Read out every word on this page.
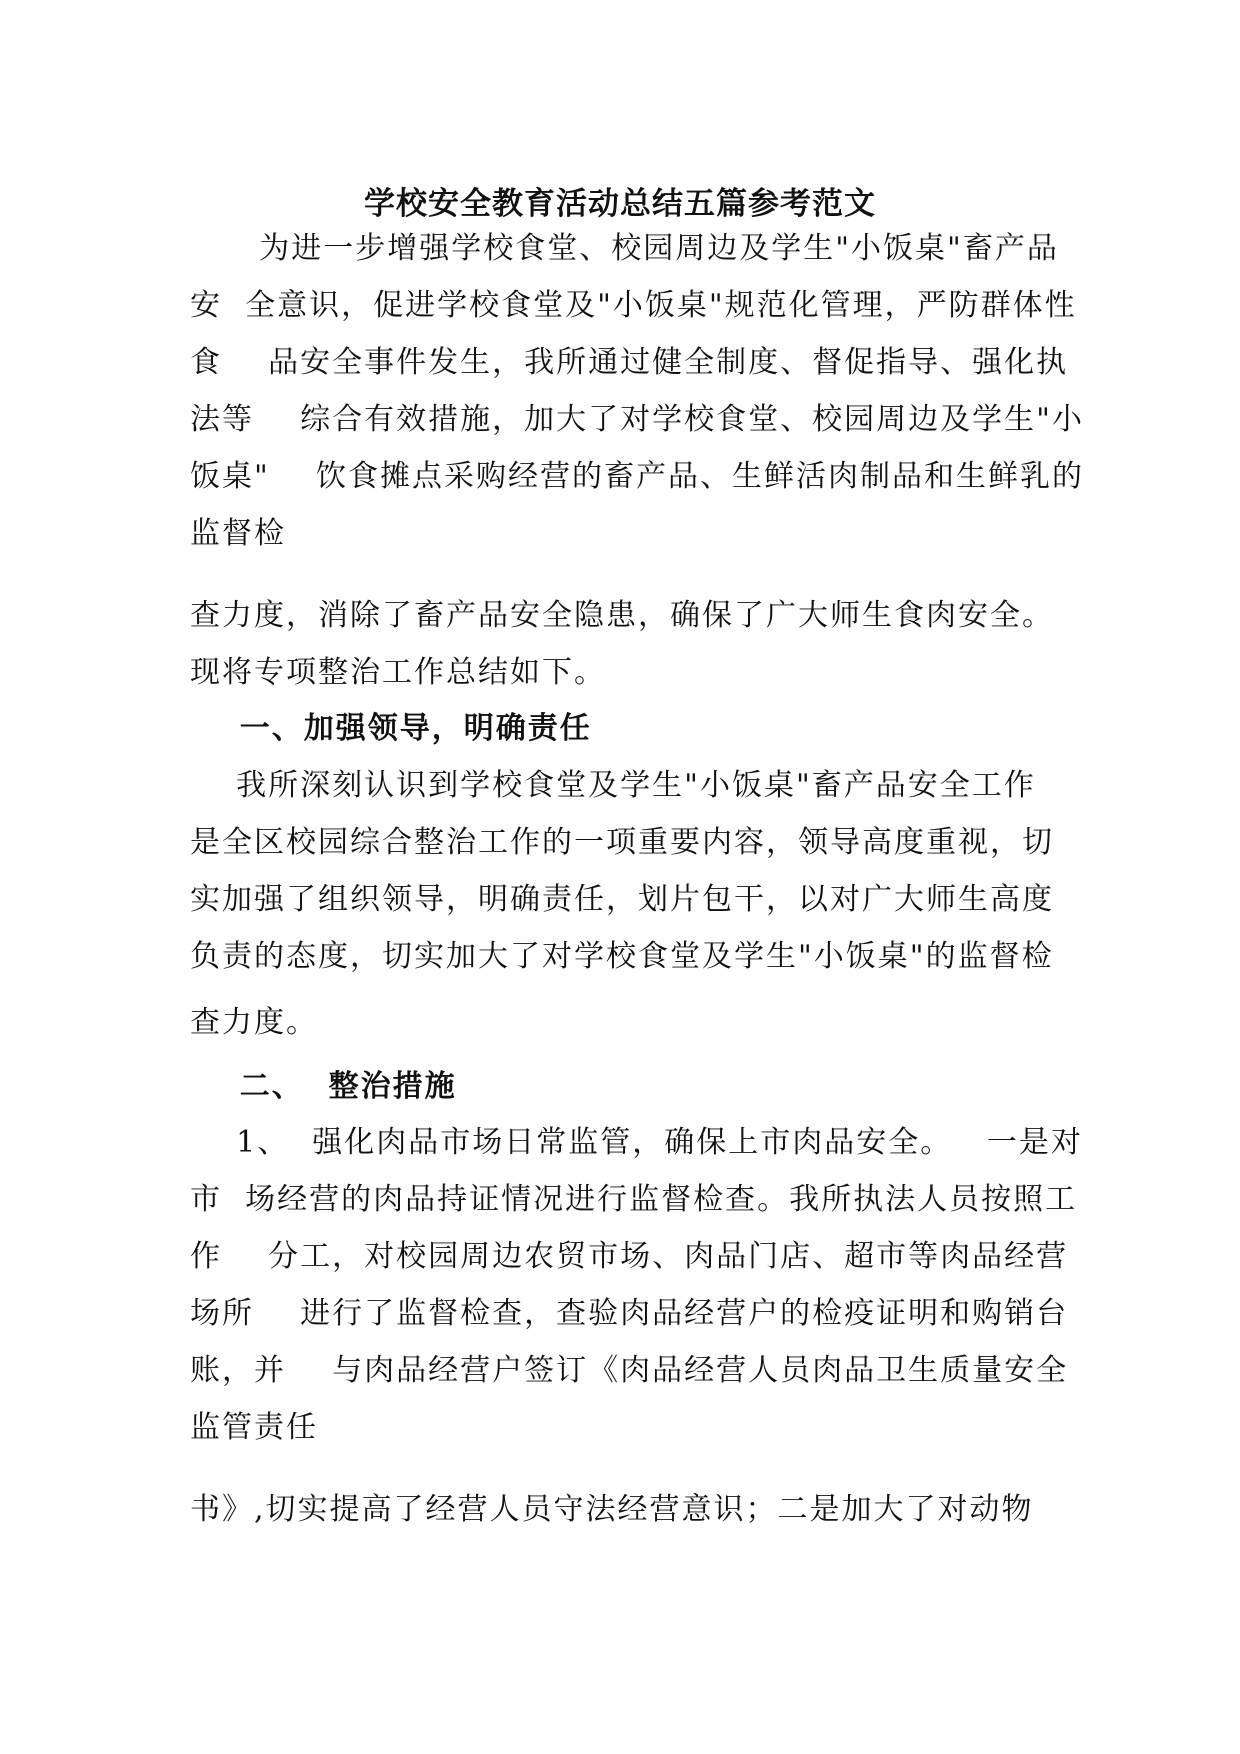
学校安全教育活动总结五篇参考范文
为进一步增强学校食堂、校园周边及学生"小饭桌"畜产品
安  全意识，促进学校食堂及"小饭桌"规范化管理，严防群体性
食    品安全事件发生，我所通过健全制度、督促指导、强化执
法等    综合有效措施，加大了对学校食堂、校园周边及学生"小
饭桌"    饮食摊点采购经营的畜产品、生鲜活肉制品和生鲜乳的
监督检
查力度，消除了畜产品安全隐患，确保了广大师生食肉安全。
现将专项整治工作总结如下。
一、加强领导，明确责任
我所深刻认识到学校食堂及学生"小饭桌"畜产品安全工作
是全区校园综合整治工作的一项重要内容，领导高度重视，切
实加强了组织领导，明确责任，划片包干，以对广大师生高度
负责的态度，切实加大了对学校食堂及学生"小饭桌"的监督检
查力度。
二、  整治措施
1、  强化肉品市场日常监管，确保上市肉品安全。   一是对
市  场经营的肉品持证情况进行监督检查。我所执法人员按照工
作    分工，对校园周边农贸市场、肉品门店、超市等肉品经营
场所    进行了监督检查，查验肉品经营户的检疫证明和购销台
账，并    与肉品经营户签订《肉品经营人员肉品卫生质量安全
监管责任
书》,切实提高了经营人员守法经营意识；二是加大了对动物
